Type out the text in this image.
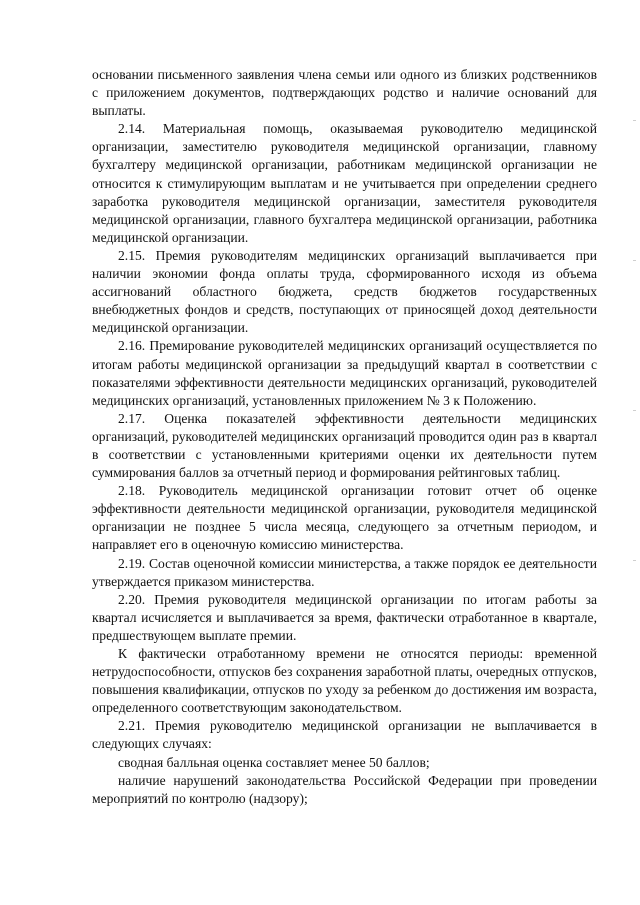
основании письменного заявления члена семьи или одного из близких родственников с приложением документов, подтверждающих родство и наличие оснований для выплаты.

2.14. Материальная помощь, оказываемая руководителю медицинской организации, заместителю руководителя медицинской организации, главному бухгалтеру медицинской организации, работникам медицинской организации не относится к стимулирующим выплатам и не учитывается при определении среднего заработка руководителя медицинской организации, заместителя руководителя медицинской организации, главного бухгалтера медицинской организации, работника медицинской организации.

2.15. Премия руководителям медицинских организаций выплачивается при наличии экономии фонда оплаты труда, сформированного исходя из объема ассигнований областного бюджета, средств бюджетов государственных внебюджетных фондов и средств, поступающих от приносящей доход деятельности медицинской организации.

2.16. Премирование руководителей медицинских организаций осуществляется по итогам работы медицинской организации за предыдущий квартал в соответствии с показателями эффективности деятельности медицинских организаций, руководителей медицинских организаций, установленных приложением № 3 к Положению.

2.17. Оценка показателей эффективности деятельности медицинских организаций, руководителей медицинских организаций проводится один раз в квартал в соответствии с установленными критериями оценки их деятельности путем суммирования баллов за отчетный период и формирования рейтинговых таблиц.

2.18. Руководитель медицинской организации готовит отчет об оценке эффективности деятельности медицинской организации, руководителя медицинской организации не позднее 5 числа месяца, следующего за отчетным периодом, и направляет его в оценочную комиссию министерства.

2.19. Состав оценочной комиссии министерства, а также порядок ее деятельности утверждается приказом министерства.

2.20. Премия руководителя медицинской организации по итогам работы за квартал исчисляется и выплачивается за время, фактически отработанное в квартале, предшествующем выплате премии.

К фактически отработанному времени не относятся периоды: временной нетрудоспособности, отпусков без сохранения заработной платы, очередных отпусков, повышения квалификации, отпусков по уходу за ребенком до достижения им возраста, определенного соответствующим законодательством.

2.21. Премия руководителю медицинской организации не выплачивается в следующих случаях:

сводная балльная оценка составляет менее 50 баллов;

наличие нарушений законодательства Российской Федерации при проведении мероприятий по контролю (надзору);
